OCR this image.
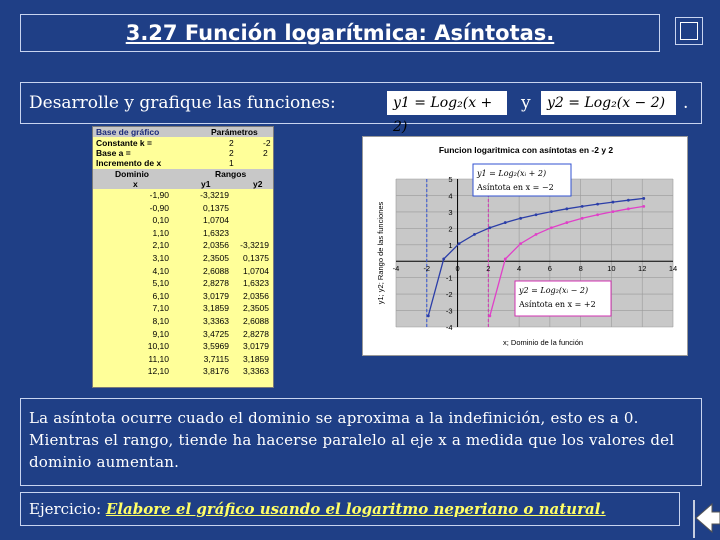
3.27 Función logarítmica: Asíntotas.
Desarrolle y grafique las funciones:	y1 = Log₂(x + 2)
y	y2 = Log₂(x − 2)	.
Base de gráfico	Parámetros
Constante k =	2	-2
Base a =	2	2
Incremento de x	1
Dominio	Rangos
x	y1	y2
-1,90	-3,3219
-0,90	0,1375
0,10	1,0704
1,10	1,6323
2,10	2,0356 -3,3219
3,10	2,3505 0,1375
4,10	2,6088 1,0704
5,10	2,8278 1,6323
6,10	3,0179 2,0356
7,10	3,1859 2,3505
8,10	3,3363 2,6088
9,10	3,4725 2,8278
10,10	3,5969 3,0179
11,10	3,7115 3,1859
12,10	3,8176 3,3363
-4	-2	0	2	4	6	8	10	12	14
-4
-3
-2
-1
1
2
3
4
5
Funcion logaritmica con asíntotas en -2 y 2
x; Dominio de la función
y1; y2; Rango de las funciones
y1 = Log₂(xᵢ + 2)
Asíntota en x = −2
y2 = Log₂(xᵢ − 2)
Asíntota en x = +2
La asíntota ocurre cuado el dominio se aproxima a la indefinición, esto es a 0. Mientras el rango, tiende ha hacerse paralelo al eje x a medida que los valores del dominio aumentan.
Ejercicio: Elabore el gráfico usando el logaritmo neperiano o natural.
